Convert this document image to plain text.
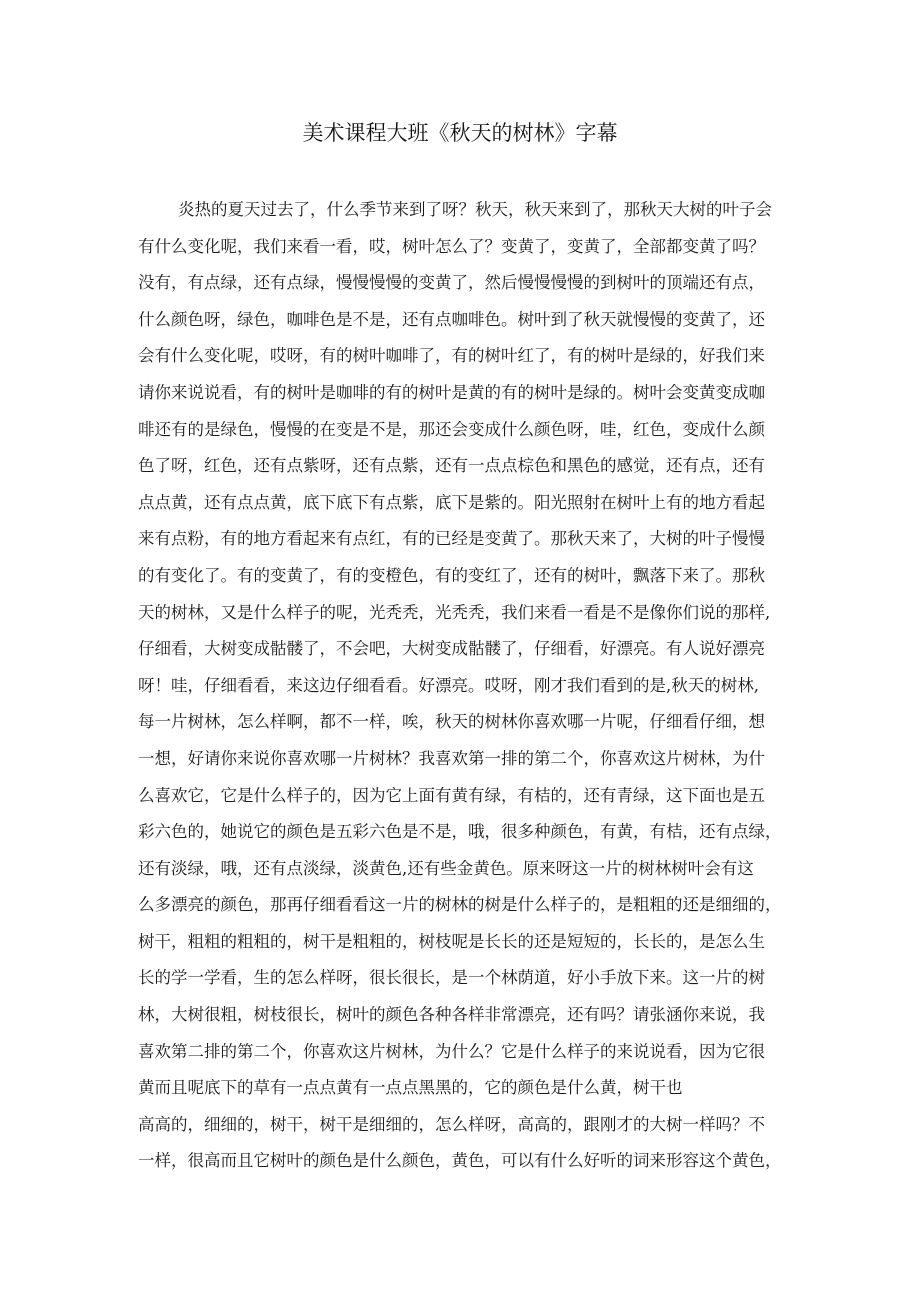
美术课程大班《秋天的树林》字幕
炎热的夏天过去了，什么季节来到了呀？秋天，秋天来到了，那秋天大树的叶子会
有什么变化呢，我们来看一看，哎，树叶怎么了？变黄了，变黄了，全部都变黄了吗？
没有，有点绿，还有点绿，慢慢慢慢的变黄了，然后慢慢慢慢的到树叶的顶端还有点，
什么颜色呀，绿色，咖啡色是不是，还有点咖啡色。树叶到了秋天就慢慢的变黄了，还
会有什么变化呢，哎呀，有的树叶咖啡了，有的树叶红了，有的树叶是绿的，好我们来
请你来说说看，有的树叶是咖啡的有的树叶是黄的有的树叶是绿的。树叶会变黄变成咖
啡还有的是绿色，慢慢的在变是不是，那还会变成什么颜色呀，哇，红色，变成什么颜
色了呀，红色，还有点紫呀，还有点紫，还有一点点棕色和黑色的感觉，还有点，还有
点点黄，还有点点黄，底下底下有点紫，底下是紫的。阳光照射在树叶上有的地方看起
来有点粉，有的地方看起来有点红，有的已经是变黄了。那秋天来了，大树的叶子慢慢
的有变化了。有的变黄了，有的变橙色，有的变红了，还有的树叶，飘落下来了。那秋
天的树林，又是什么样子的呢，光秃秃，光秃秃，我们来看一看是不是像你们说的那样,
仔细看，大树变成骷髅了，不会吧，大树变成骷髅了，仔细看，好漂亮。有人说好漂亮
呀！哇，仔细看看，来这边仔细看看。好漂亮。哎呀，刚才我们看到的是,秋天的树林,
每一片树林，怎么样啊，都不一样，唉，秋天的树林你喜欢哪一片呢，仔细看仔细，想
一想，好请你来说你喜欢哪一片树林？我喜欢第一排的第二个，你喜欢这片树林，为什
么喜欢它，它是什么样子的，因为它上面有黄有绿，有桔的，还有青绿，这下面也是五
彩六色的，她说它的颜色是五彩六色是不是，哦，很多种颜色，有黄，有桔，还有点绿，
还有淡绿，哦，还有点淡绿，淡黄色,还有些金黄色。原来呀这一片的树林树叶会有这
么多漂亮的颜色，那再仔细看看这一片的树林的树是什么样子的，是粗粗的还是细细的，
树干，粗粗的粗粗的，树干是粗粗的，树枝呢是长长的还是短短的，长长的，是怎么生
长的学一学看，生的怎么样呀，很长很长，是一个林荫道，好小手放下来。这一片的树
林，大树很粗，树枝很长，树叶的颜色各种各样非常漂亮，还有吗？请张涵你来说，我
喜欢第二排的第二个，你喜欢这片树林，为什么？它是什么样子的来说说看，因为它很
黄而且呢底下的草有一点点黄有一点点黑黑的，它的颜色是什么黄，树干也
高高的，细细的，树干，树干是细细的，怎么样呀，高高的，跟刚才的大树一样吗？不
一样，很高而且它树叶的颜色是什么颜色，黄色，可以有什么好听的词来形容这个黄色，
